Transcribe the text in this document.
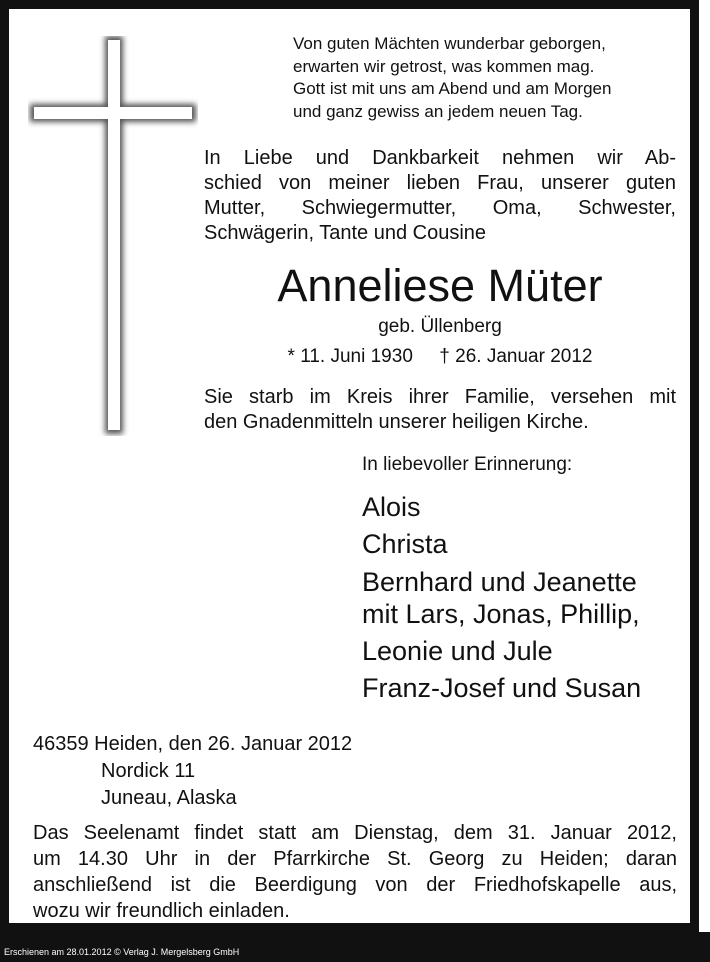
Erschienen am 28.01.2012 © Verlag J. Mergelsberg GmbH
Von guten Mächten wunderbar geborgen,
erwarten wir getrost, was kommen mag.
Gott ist mit uns am Abend und am Morgen
und ganz gewiss an jedem neuen Tag.
In Liebe und Dankbarkeit nehmen wir Ab-
schied von meiner lieben Frau, unserer guten
Mutter, Schwiegermutter, Oma, Schwester,
Schwägerin, Tante und Cousine
Anneliese Müter
geb. Üllenberg
* 11. Juni 1930     † 26. Januar 2012
Sie starb im Kreis ihrer Familie, versehen mit
den Gnadenmitteln unserer heiligen Kirche.
In liebevoller Erinnerung:
Alois
Christa
Bernhard und Jeanette
mit Lars, Jonas, Phillip,
Leonie und Jule
Franz-Josef und Susan
46359 Heiden, den 26. Januar 2012
Nordick 11
Juneau, Alaska
Das Seelenamt findet statt am Dienstag, dem 31. Januar 2012,
um 14.30 Uhr in der Pfarrkirche St. Georg zu Heiden; daran
anschließend ist die Beerdigung von der Friedhofskapelle aus,
wozu wir freundlich einladen.
